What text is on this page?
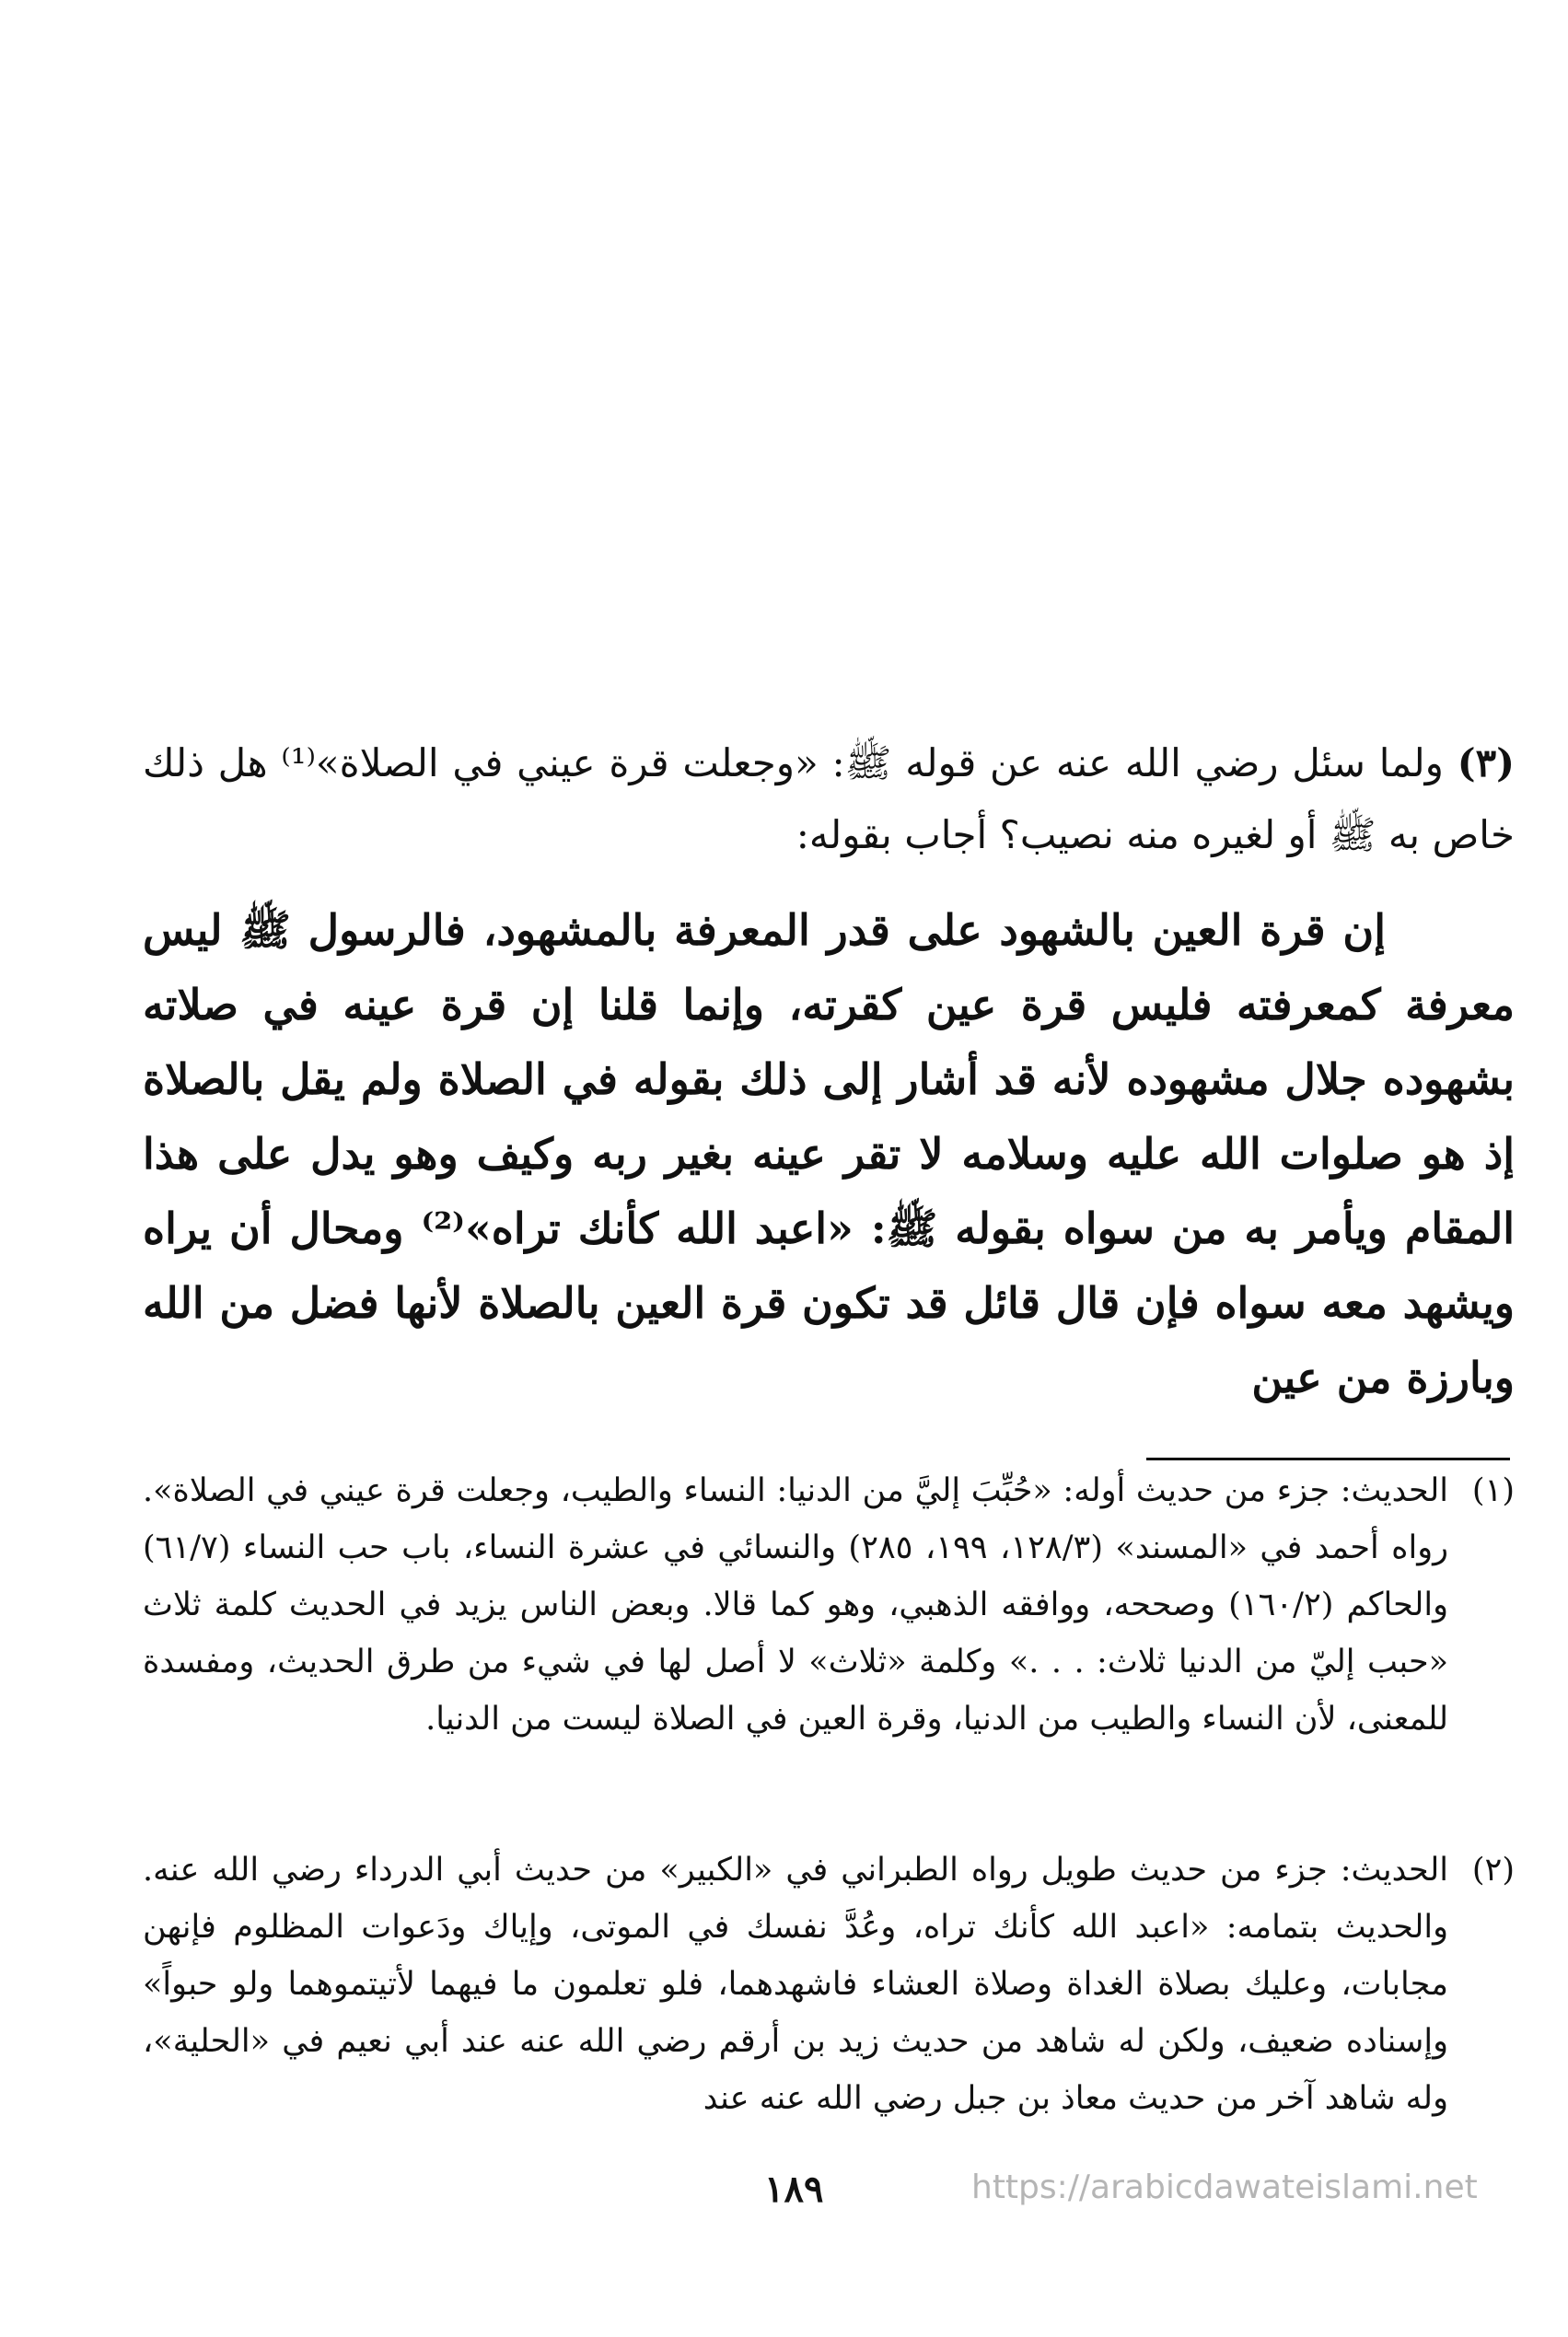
(٣) ولما سئل رضي الله عنه عن قوله ﷺ: «وجعلت قرة عيني في الصلاة»⁽¹⁾ هل ذلك خاص به ﷺ أو لغيره منه نصيب؟ أجاب بقوله:
إن قرة العين بالشهود على قدر المعرفة بالمشهود، فالرسول ﷺ ليس معرفة كمعرفته فليس قرة عين كقرته، وإنما قلنا إن قرة عينه في صلاته بشهوده جلال مشهوده لأنه قد أشار إلى ذلك بقوله في الصلاة ولم يقل بالصلاة إذ هو صلوات الله عليه وسلامه لا تقر عينه بغير ربه وكيف وهو يدل على هذا المقام ويأمر به من سواه بقوله ﷺ: «اعبد الله كأنك تراه»⁽²⁾ ومحال أن يراه ويشهد معه سواه فإن قال قائل قد تكون قرة العين بالصلاة لأنها فضل من الله وبارزة من عين
(١)
الحديث: جزء من حديث أوله: «حُبِّبَ إليَّ من الدنيا: النساء والطيب، وجعلت قرة عيني في الصلاة». رواه أحمد في «المسند» (١٢٨/٣، ١٩٩، ٢٨٥) والنسائي في عشرة النساء، باب حب النساء (٦١/٧) والحاكم (١٦٠/٢) وصححه، ووافقه الذهبي، وهو كما قالا. وبعض الناس يزيد في الحديث كلمة ثلاث «حبب إليّ من الدنيا ثلاث: . . .» وكلمة «ثلاث» لا أصل لها في شيء من طرق الحديث، ومفسدة للمعنى، لأن النساء والطيب من الدنيا، وقرة العين في الصلاة ليست من الدنيا.
(٢)
الحديث: جزء من حديث طويل رواه الطبراني في «الكبير» من حديث أبي الدرداء رضي الله عنه. والحديث بتمامه: «اعبد الله كأنك تراه، وعُدَّ نفسك في الموتى، وإياك ودَعوات المظلوم فإنهن مجابات، وعليك بصلاة الغداة وصلاة العشاء فاشهدهما، فلو تعلمون ما فيهما لأتيتموهما ولو حبواً» وإسناده ضعيف، ولكن له شاهد من حديث زيد بن أرقم رضي الله عنه عند أبي نعيم في «الحلية»، وله شاهد آخر من حديث معاذ بن جبل رضي الله عنه عند
١٨٩	https://arabicdawateislami.net
